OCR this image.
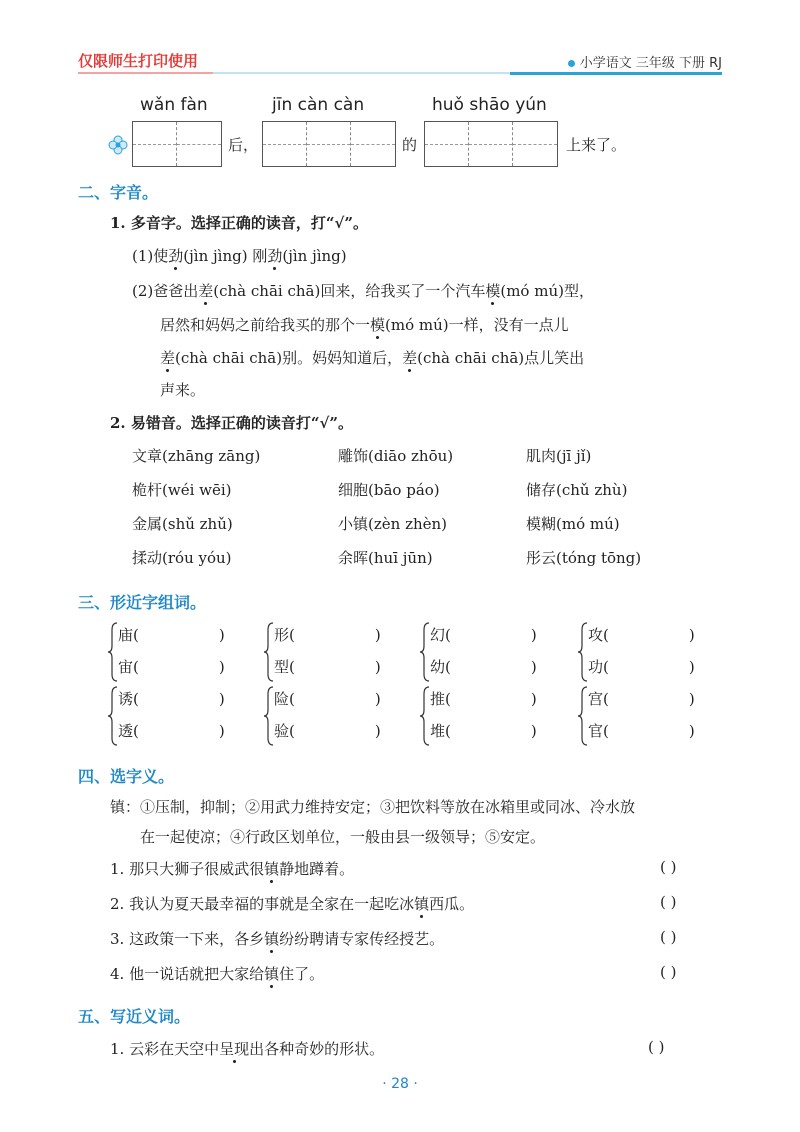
仅限师生打印使用	小学语文 三年级 下册 RJ
wǎn fàn	jīn càn càn	huǒ shāo yún
后，	的	上来了。
二、字音。
1. 多音字。选择正确的读音，打“√”。
(1)使劲(jìn jìng) 刚劲(jìn jìng)
(2)爸爸出差(chà chāi chā)回来，给我买了一个汽车模(mó mú)型，
居然和妈妈之前给我买的那个一模(mó mú)一样，没有一点儿
差(chà chāi chā)别。妈妈知道后，差(chà chāi chā)点儿笑出
声来。
2. 易错音。选择正确的读音打“√”。
文章(zhāng zāng)	雕饰(diāo zhōu)	肌肉(jī jǐ)
桅杆(wéi wēi)	细胞(bāo páo)	储存(chǔ zhù)
金属(shǔ zhǔ)	小镇(zèn zhèn)	模糊(mó mú)
揉动(róu yóu)	余晖(huī jūn)	彤云(tóng tōng)
三、形近字组词。
庙(	)
宙(	)
形(	)
型(	)
幻(	)
幼(	)
攻(	)
功(	)
诱(	)
透(	)
险(	)
验(	)
推(	)
堆(	)
宫(	)
官(	)
四、选字义。
镇：①压制，抑制；②用武力维持安定；③把饮料等放在冰箱里或同冰、冷水放
在一起使凉；④行政区划单位，一般由县一级领导；⑤安定。
1. 那只大狮子很威武很镇静地蹲着。	( )
2. 我认为夏天最幸福的事就是全家在一起吃冰镇西瓜。	( )
3. 这政策一下来，各乡镇纷纷聘请专家传经授艺。	( )
4. 他一说话就把大家给镇住了。	( )
五、写近义词。
1. 云彩在天空中呈现出各种奇妙的形状。	( )
· 28 ·
